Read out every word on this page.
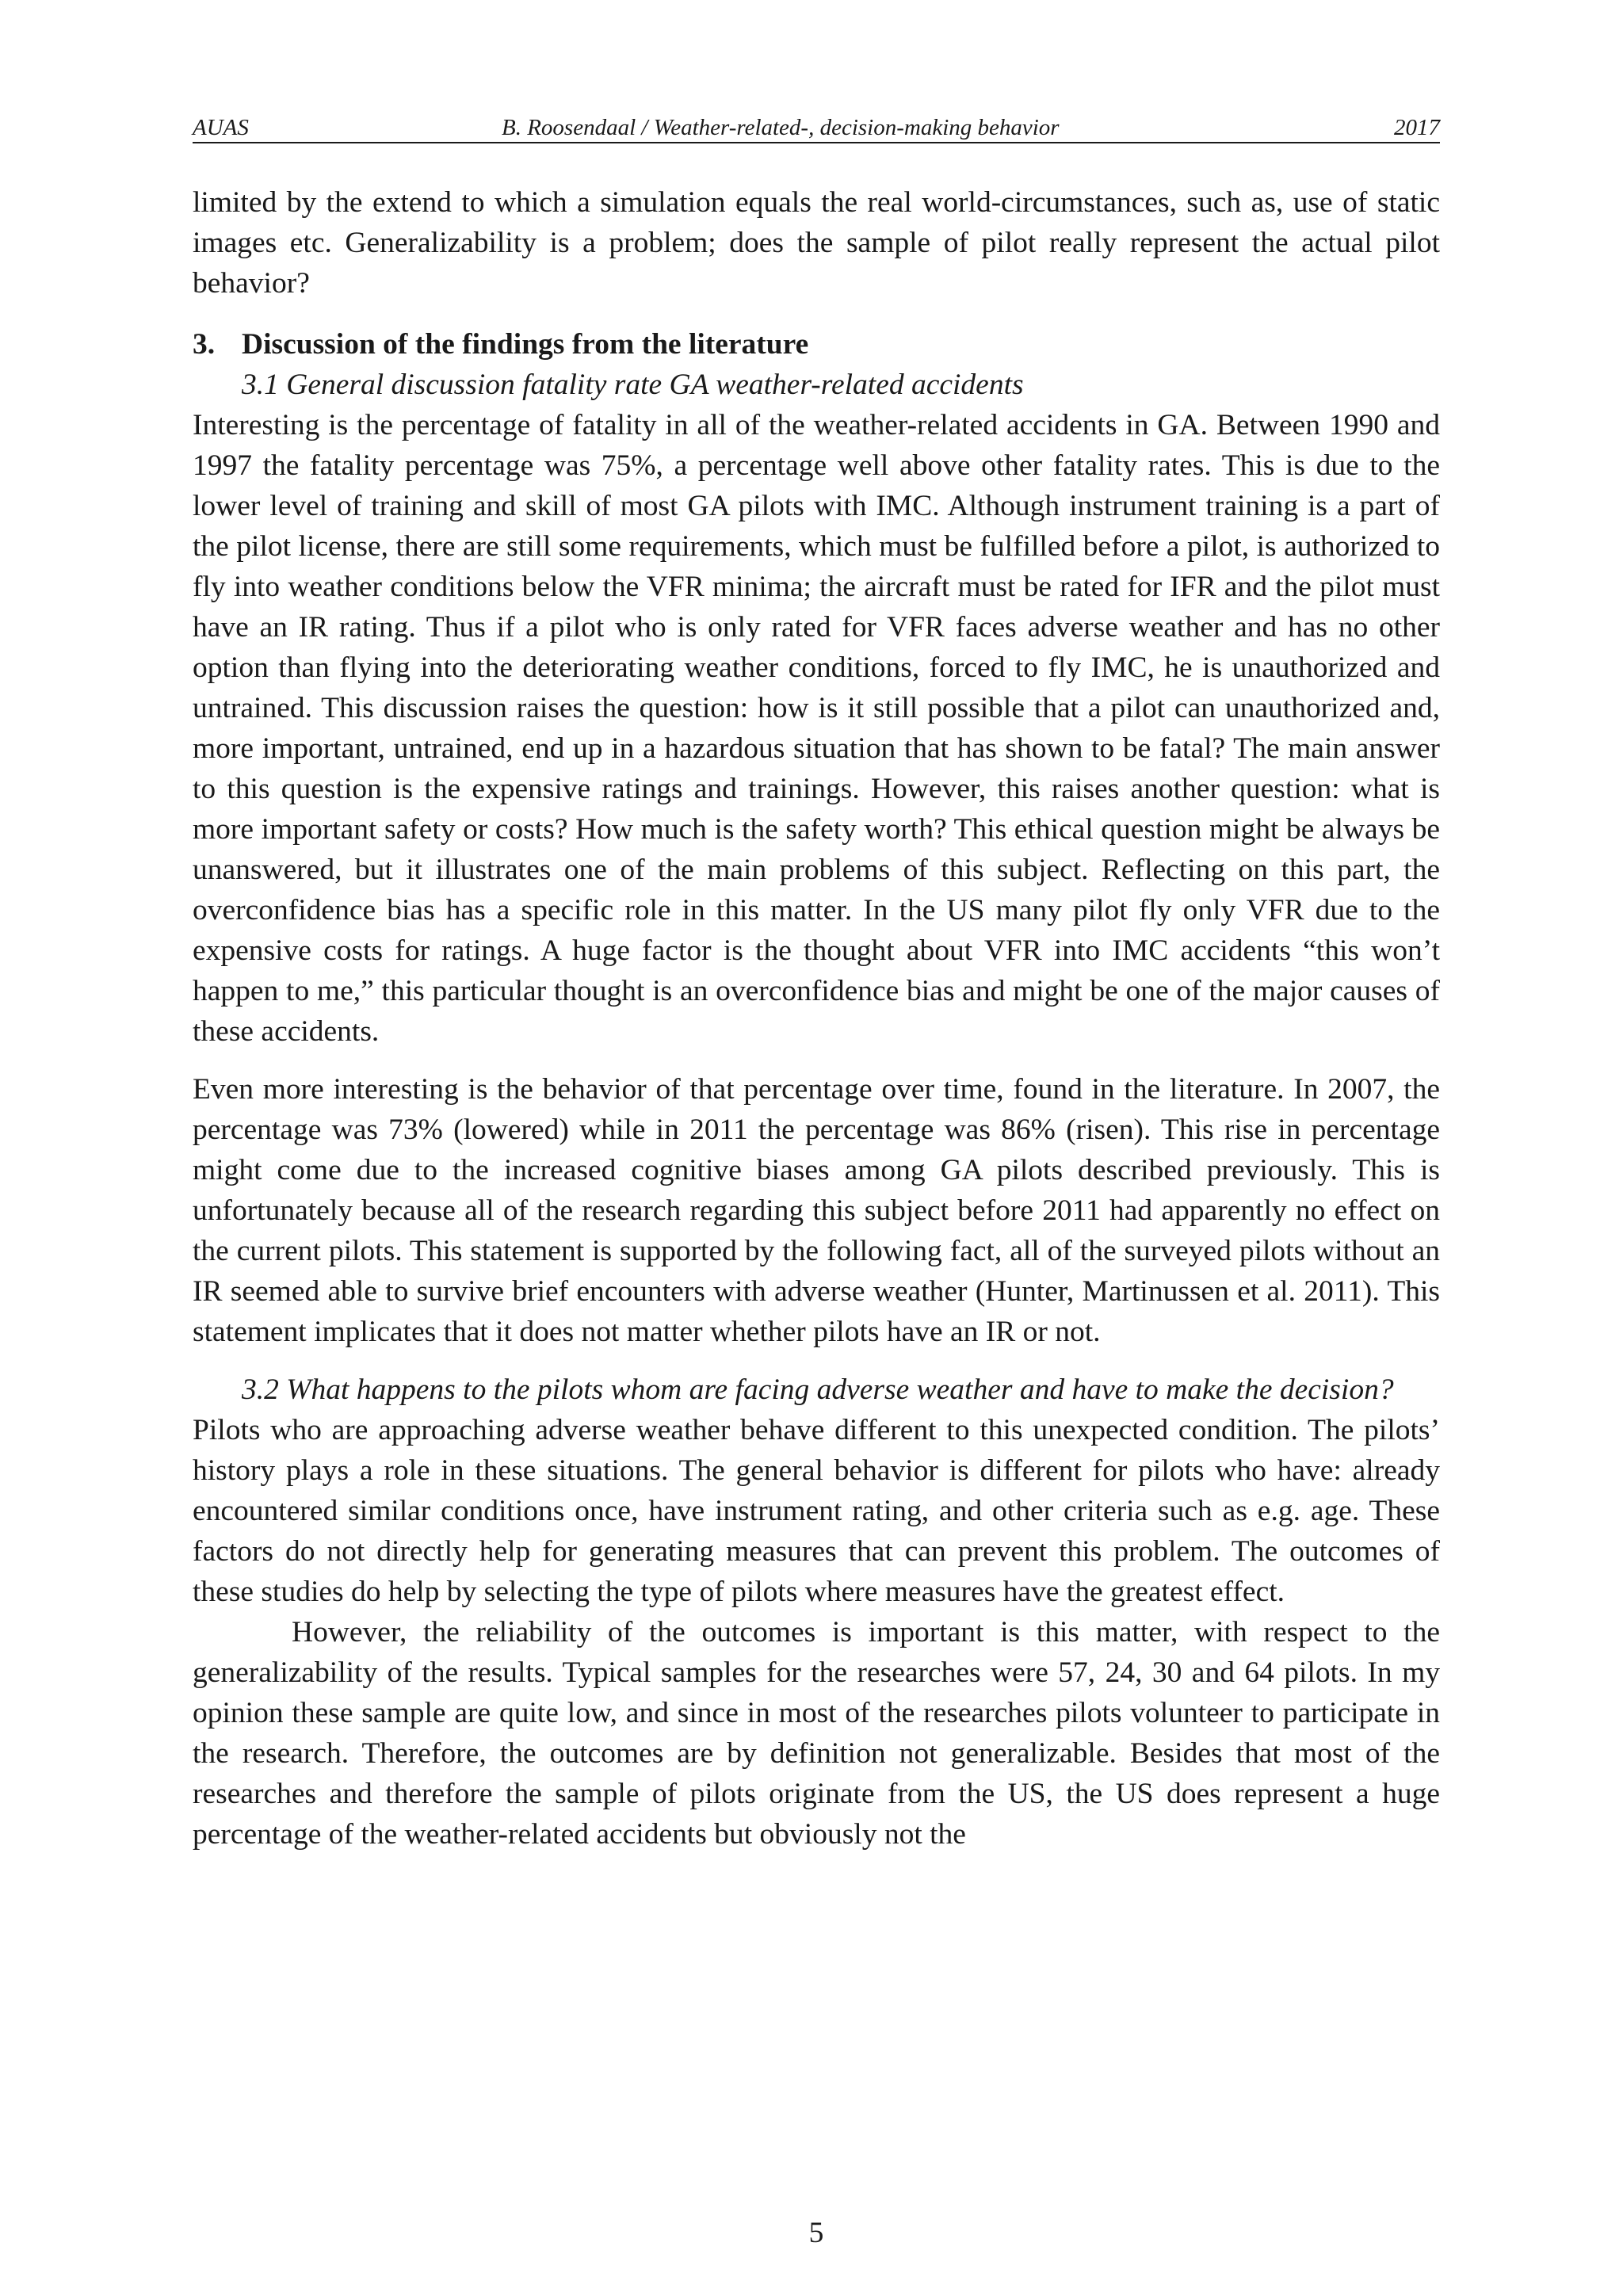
AUAS	B. Roosendaal / Weather-related-, decision-making behavior	2017

limited by the extend to which a simulation equals the real world-circumstances, such as, use of static images etc. Generalizability is a problem; does the sample of pilot really represent the actual pilot behavior?

3. Discussion of the findings from the literature
3.1 General discussion fatality rate GA weather-related accidents

Interesting is the percentage of fatality in all of the weather-related accidents in GA. Between 1990 and 1997 the fatality percentage was 75%, a percentage well above other fatality rates. This is due to the lower level of training and skill of most GA pilots with IMC. Although instrument training is a part of the pilot license, there are still some requirements, which must be fulfilled before a pilot, is authorized to fly into weather conditions below the VFR minima; the aircraft must be rated for IFR and the pilot must have an IR rating. Thus if a pilot who is only rated for VFR faces adverse weather and has no other option than flying into the deteriorating weather conditions, forced to fly IMC, he is unauthorized and untrained. This discussion raises the question: how is it still possible that a pilot can unauthorized and, more important, untrained, end up in a hazardous situation that has shown to be fatal? The main answer to this question is the expensive ratings and trainings. However, this raises another question: what is more important safety or costs? How much is the safety worth? This ethical question might be always be unanswered, but it illustrates one of the main problems of this subject. Reflecting on this part, the overconfidence bias has a specific role in this matter. In the US many pilot fly only VFR due to the expensive costs for ratings. A huge factor is the thought about VFR into IMC accidents “this won’t happen to me,” this particular thought is an overconfidence bias and might be one of the major causes of these accidents.

Even more interesting is the behavior of that percentage over time, found in the literature. In 2007, the percentage was 73% (lowered) while in 2011 the percentage was 86% (risen). This rise in percentage might come due to the increased cognitive biases among GA pilots described previously. This is unfortunately because all of the research regarding this subject before 2011 had apparently no effect on the current pilots. This statement is supported by the following fact, all of the surveyed pilots without an IR seemed able to survive brief encounters with adverse weather (Hunter, Martinussen et al. 2011). This statement implicates that it does not matter whether pilots have an IR or not.

3.2 What happens to the pilots whom are facing adverse weather and have to make the decision?

Pilots who are approaching adverse weather behave different to this unexpected condition. The pilots’ history plays a role in these situations. The general behavior is different for pilots who have: already encountered similar conditions once, have instrument rating, and other criteria such as e.g. age. These factors do not directly help for generating measures that can prevent this problem. The outcomes of these studies do help by selecting the type of pilots where measures have the greatest effect.

However, the reliability of the outcomes is important is this matter, with respect to the generalizability of the results. Typical samples for the researches were 57, 24, 30 and 64 pilots. In my opinion these sample are quite low, and since in most of the researches pilots volunteer to participate in the research. Therefore, the outcomes are by definition not generalizable. Besides that most of the researches and therefore the sample of pilots originate from the US, the US does represent a huge percentage of the weather-related accidents but obviously not the

5
